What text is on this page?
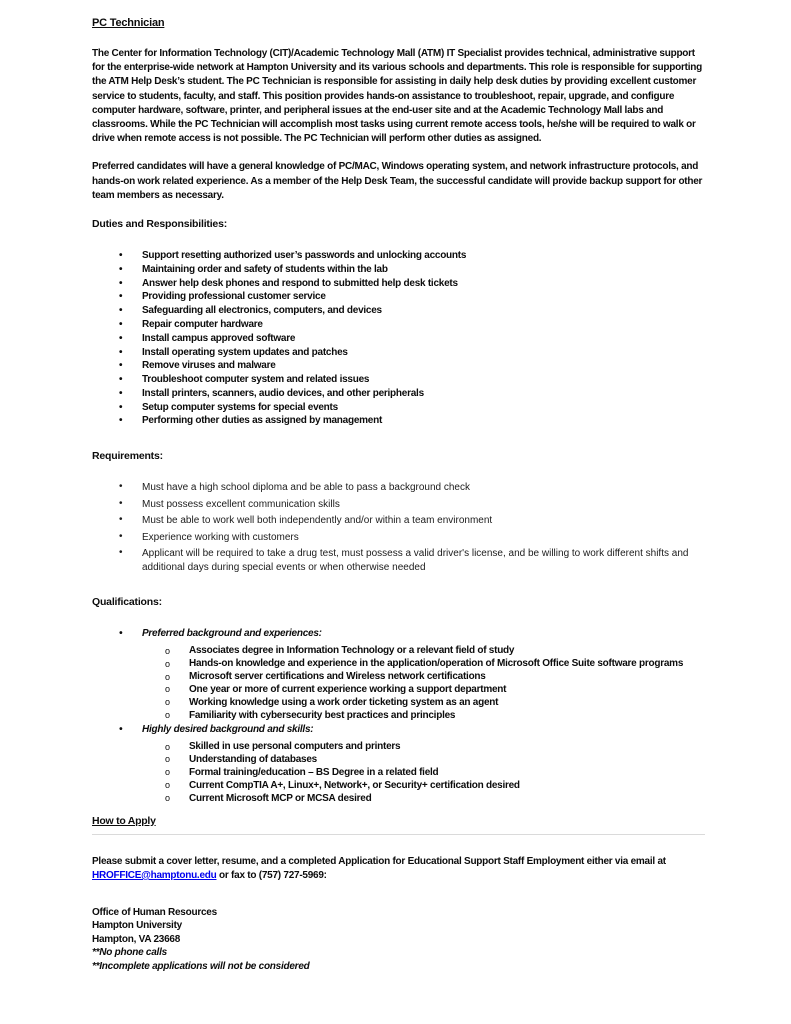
PC Technician

The Center for Information Technology (CIT)/Academic Technology Mall (ATM) IT Specialist provides technical, administrative support for the enterprise-wide network at Hampton University and its various schools and departments. This role is responsible for supporting the ATM Help Desk’s student. The PC Technician is responsible for assisting in daily help desk duties by providing excellent customer service to students, faculty, and staff. This position provides hands-on assistance to troubleshoot, repair, upgrade, and configure computer hardware, software, printer, and peripheral issues at the end-user site and at the Academic Technology Mall labs and classrooms. While the PC Technician will accomplish most tasks using current remote access tools, he/she will be required to walk or drive when remote access is not possible. The PC Technician will perform other duties as assigned.

Preferred candidates will have a general knowledge of PC/MAC, Windows operating system, and network infrastructure protocols, and hands-on work related experience. As a member of the Help Desk Team, the successful candidate will provide backup support for other team members as necessary.

Duties and Responsibilities:
• Support resetting authorized user’s passwords and unlocking accounts
• Maintaining order and safety of students within the lab
• Answer help desk phones and respond to submitted help desk tickets
• Providing professional customer service
• Safeguarding all electronics, computers, and devices
• Repair computer hardware
• Install campus approved software
• Install operating system updates and patches
• Remove viruses and malware
• Troubleshoot computer system and related issues
• Install printers, scanners, audio devices, and other peripherals
• Setup computer systems for special events
• Performing other duties as assigned by management
Requirements:
• Must have a high school diploma and be able to pass a background check
• Must possess excellent communication skills
• Must be able to work well both independently and/or within a team environment
• Experience working with customers
• Applicant will be required to take a drug test, must possess a valid driver's license, and be willing to work different shifts and additional days during special events or when otherwise needed
Qualifications:
• Preferred background and experiences:
o Associates degree in Information Technology or a relevant field of study
o Hands-on knowledge and experience in the application/operation of Microsoft Office Suite software programs
o Microsoft server certifications and Wireless network certifications
o One year or more of current experience working a support department
o Working knowledge using a work order ticketing system as an agent
o Familiarity with cybersecurity best practices and principles
• Highly desired background and skills:
o Skilled in use personal computers and printers
o Understanding of databases
o Formal training/education – BS Degree in a related field
o Current CompTIA A+, Linux+, Network+, or Security+ certification desired
o Current Microsoft MCP or MCSA desired
How to Apply

Please submit a cover letter, resume, and a completed Application for Educational Support Staff Employment either via email at HROFFICE@hamptonu.edu or fax to (757) 727-5969:

Office of Human Resources
Hampton University
Hampton, VA 23668
**No phone calls
**Incomplete applications will not be considered
